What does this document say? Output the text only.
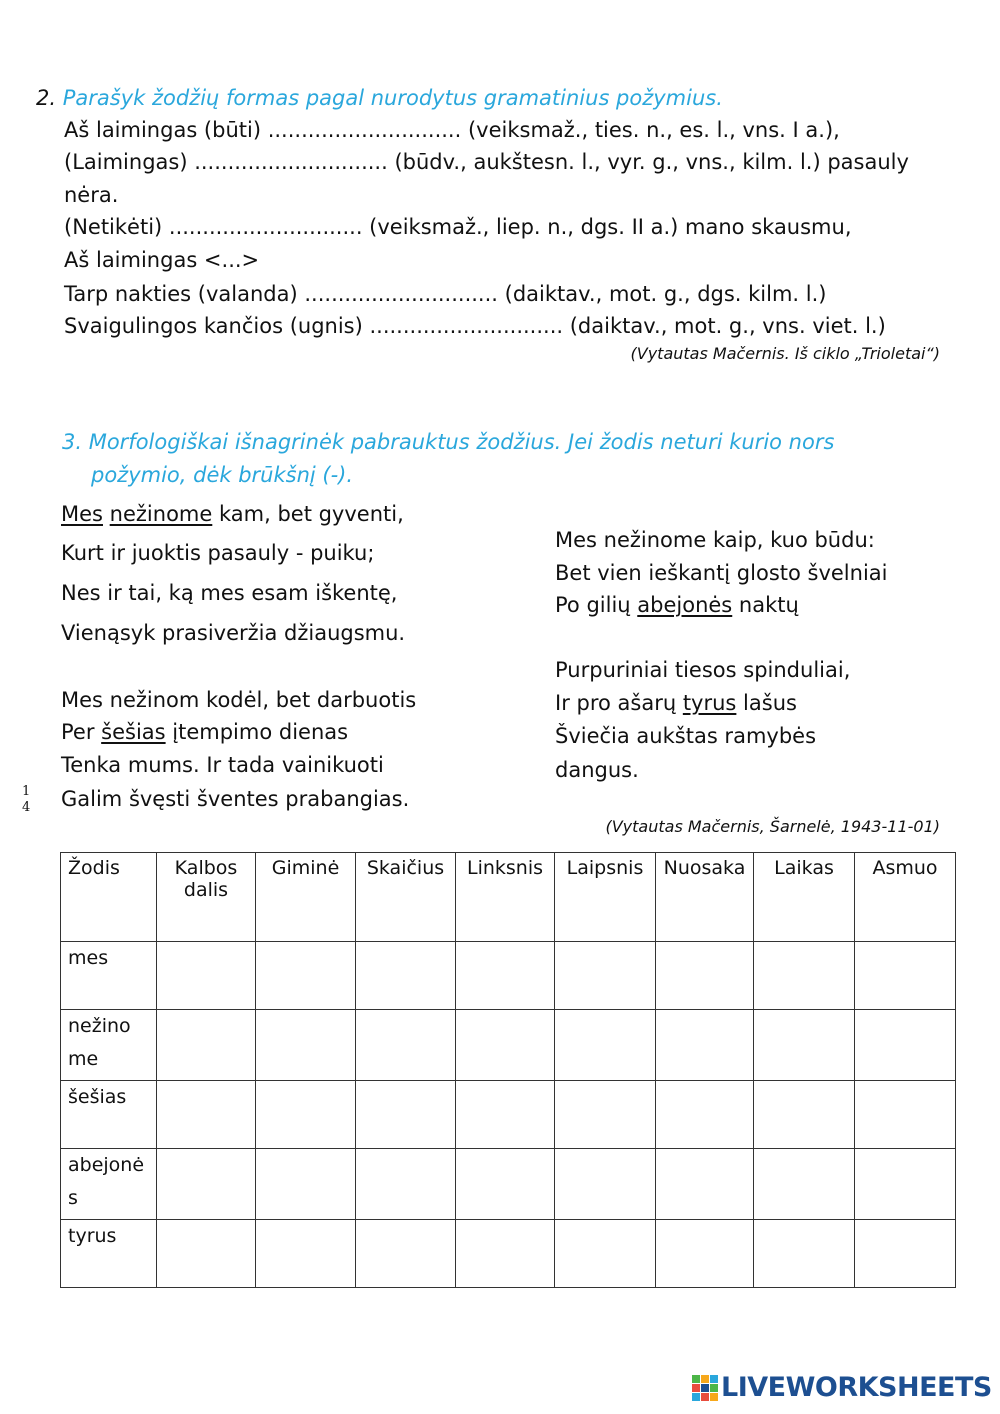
2. Parašyk žodžių formas pagal nurodytus gramatinius požymius.
Aš laimingas (būti) ............................. (veiksmaž., ties. n., es. l., vns. I a.),
(Laimingas) ............................. (būdv., aukštesn. l., vyr. g., vns., kilm. l.) pasauly
nėra.
(Netikėti) ............................. (veiksmaž., liep. n., dgs. II a.) mano skausmu,
Aš laimingas <...>
Tarp nakties (valanda) ............................. (daiktav., mot. g., dgs. kilm. l.)
Svaigulingos kančios (ugnis) ............................. (daiktav., mot. g., vns. viet. l.)
(Vytautas Mačernis. Iš ciklo „Trioletai“)
3. Morfologiškai išnagrinėk pabrauktus žodžius. Jei žodis neturi kurio nors
požymio, dėk brūkšnį (-).
Mes nežinome kam, bet gyventi,
Kurt ir juoktis pasauly - puiku;
Nes ir tai, ką mes esam iškentę,
Vienąsyk prasiveržia džiaugsmu.
Mes nežinom kodėl, bet darbuotis
Per šešias įtempimo dienas
Tenka mums. Ir tada vainikuoti
Galim švęsti šventes prabangias.
Mes nežinome kaip, kuo būdu:
Bet vien ieškantį glosto švelniai
Po gilių abejonės naktų
Purpuriniai tiesos spinduliai,
Ir pro ašarų tyrus lašus
Šviečia aukštas ramybės
dangus.
(Vytautas Mačernis, Šarnelė, 1943-11-01)
1
4
Žodis	Kalbos dalis	Giminė	Skaičius	Linksnis	Laipsnis	Nuosaka	Laikas	Asmuo
mes								
nežinome								
šešias								
abejonės								
tyrus								
LIVEWORKSHEETS
